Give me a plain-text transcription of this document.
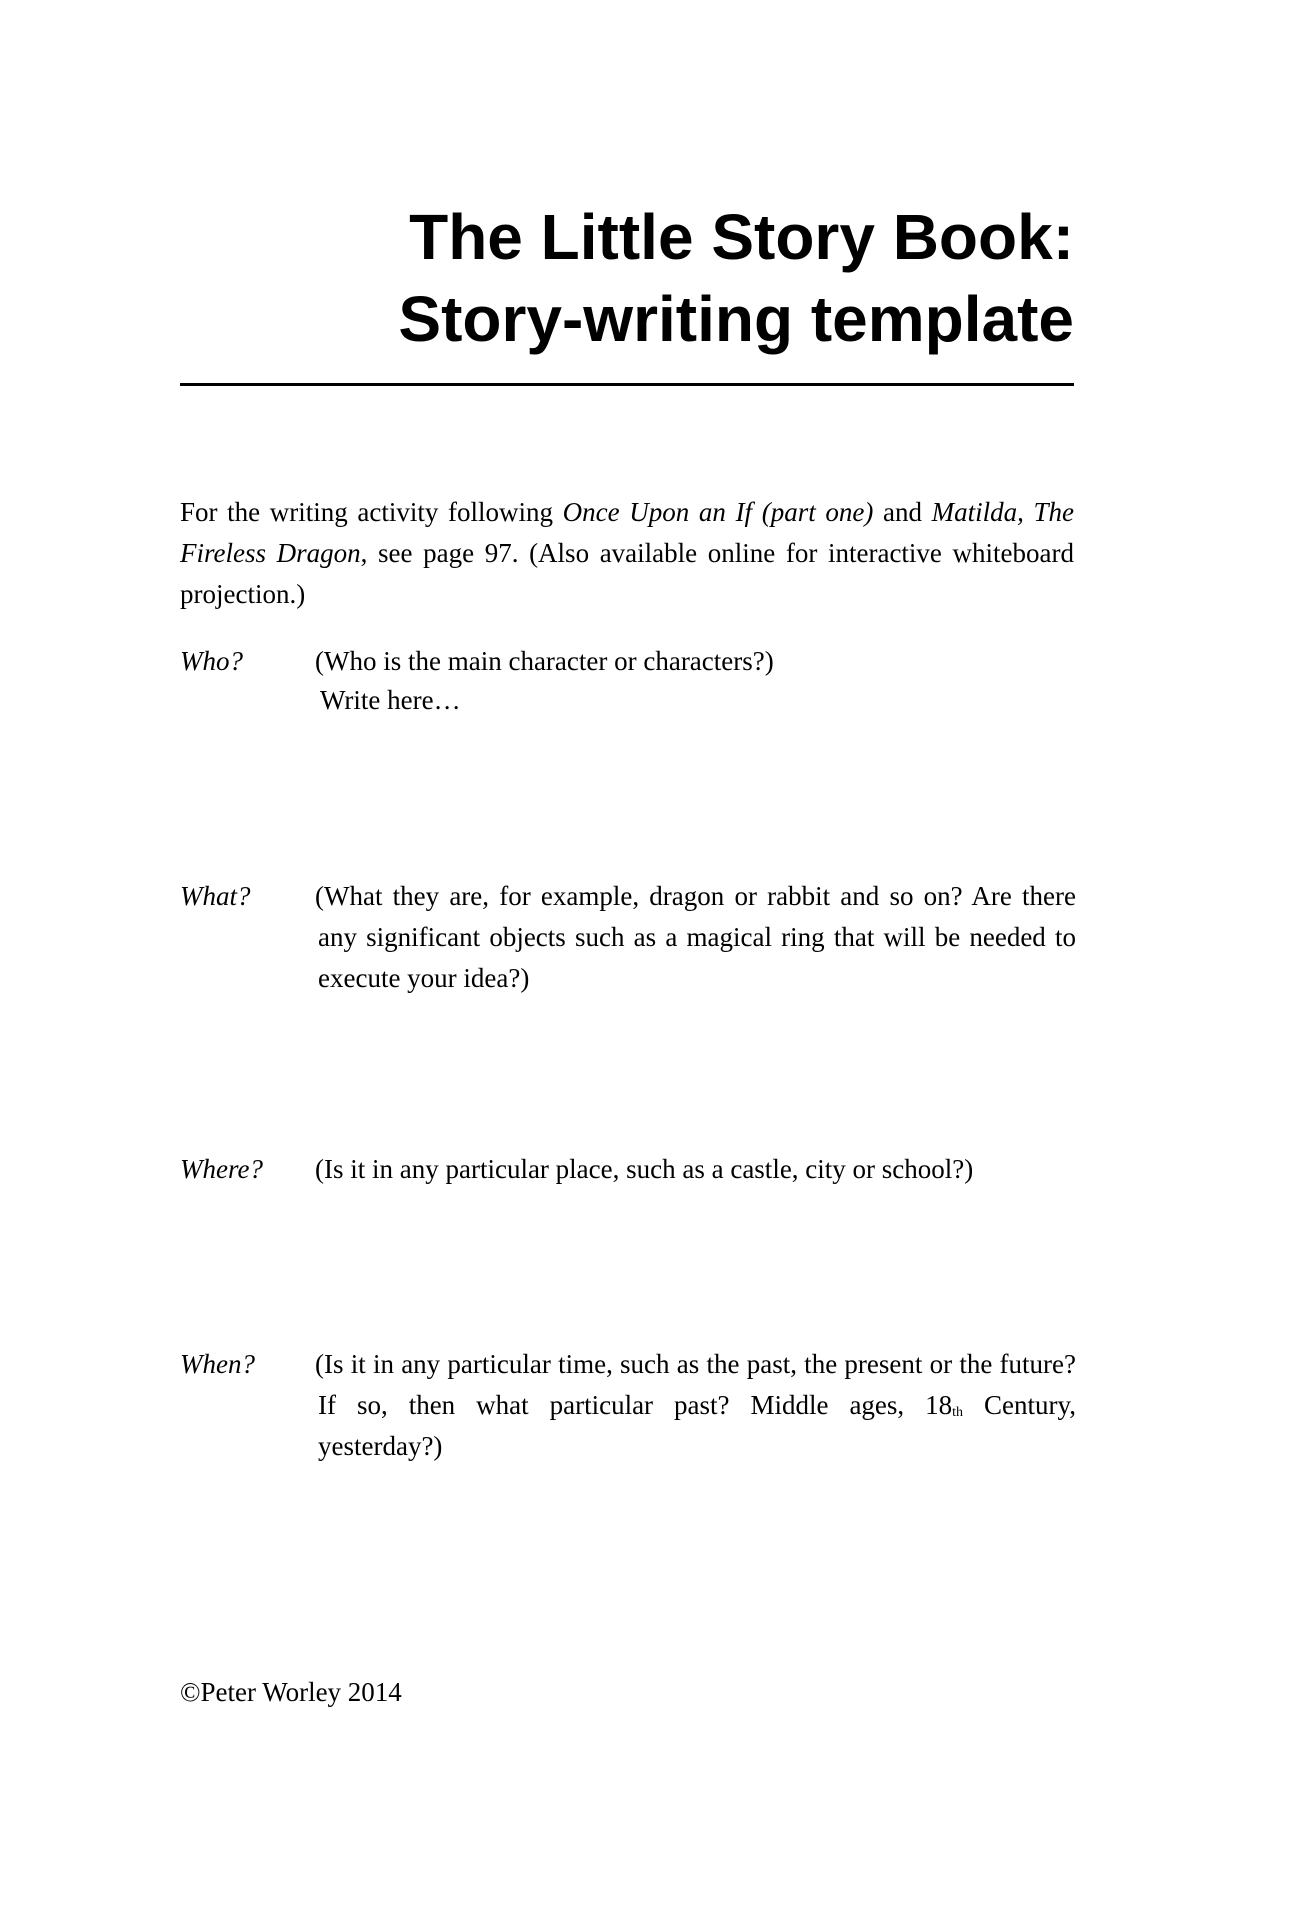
The Little Story Book:
Story-writing template

For the writing activity following Once Upon an If (part one) and Matilda, The Fireless Dragon, see page 97. (Also available online for interactive whiteboard projection.)

Who?	(Who is the main character or characters?)

Write here…
What? (What they are, for example, dragon or rabbit and so on? Are there any significant objects such as a magical ring that will be needed to execute your idea?)

Where? (Is it in any particular place, such as a castle, city or school?)

When? (Is it in any particular time, such as the past, the present or the future? If so, then what particular past? Middle ages, $18_{th}$ Century, yesterday?)

©Peter Worley 2014
